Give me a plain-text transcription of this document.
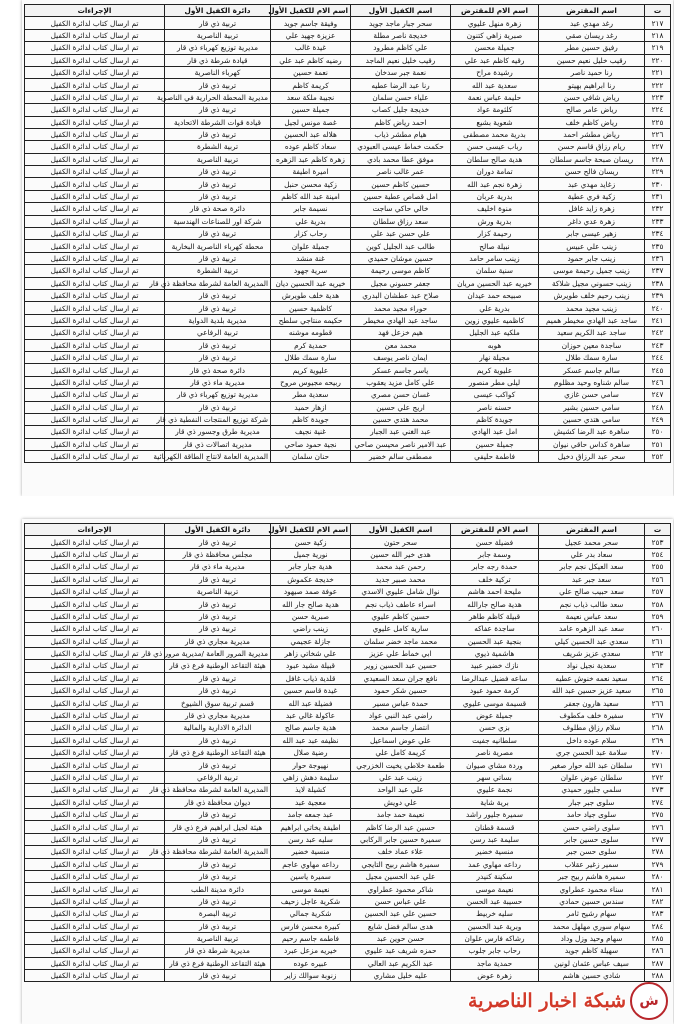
ت	اسم المقترض	اسم الام للمقترض	اسم الكفيل الأول	اسم الام للكفيل الأول	دائرة الكفيل الأول	الإجراءات
٢١٧	رغد مهدي عبد	زهرة منهل عليوي	سحر جبار ماجد جويد	وفيقة جاسم جويد	تربية ذي قار	تم ارسال كتاب لدائرة الكفيل
٢١٨	رغد ريسان صقي	صبرية زاهي كتنون	خديجة ناصر مطلة	عزيزة جهيد علي	تربية الناصرية	تم ارسال كتاب لدائرة الكفيل
٢١٩	رفيق حسين مطر	جميلة محسن	علي كاظم مطرود	غيدة غالب	مديرية توزيع كهرباء ذي قار	تم ارسال كتاب لدائرة الكفيل
٢٢٠	رقيب خليل نعيم حسين	رقيه كاظم عبد علي	رقيب خليل نعيم الماجد	رضيه كاظم عبد علي	قيادة شرطة ذي قار	تم ارسال كتاب لدائرة الكفيل
٢٢١	رنا حميد ناصر	رشيدة مراح	نعمة جبر سدخان	نعمة حسين	كهرباء الناصرية	تم ارسال كتاب لدائرة الكفيل
٢٢٢	رنا ابراهيم بهيتو	سعدية عبد الله	رنا عبد الرضا عطيه	كريمة كاظم	تربية ذي قار	تم ارسال كتاب لدائرة الكفيل
٢٢٣	رياض شافي حسن	حليمة عباس نعمة	علياء حسن سلمان	نجيبة ملكة سعد	مديرية المحطة الحرارية في الناصرية	تم ارسال كتاب لدائرة الكفيل
٢٢٤	رياض عامر صالح	كلثومة عواد	خديجة جليل كصاب	جميلة حسين	تربية ذي قار	تم ارسال كتاب لدائرة الكفيل
٢٢٥	رياض كاظم خلف	شعوية بشيع	احمد رياض كاظم	غصة مونس لجيل	قيادة قوات الشرطة الاتحادية	تم ارسال كتاب لدائرة الكفيل
٢٢٦	رياض مطشر احمد	بدرية محمد مصطفى	هيام مطشر ذياب	هلاله عبد الحسين	تربية ذي قار	تم ارسال كتاب لدائرة الكفيل
٢٢٧	ريام رزاق قاسم حسن	رباب عيسى حسن	حكمت خماط عيسى العبودي	سعاد كاظم عوده	تربية الشطرة	تم ارسال كتاب لدائرة الكفيل
٢٢٨	ريسان صبحة جاسم سلطان	هدية صالح سلطان	موفق عطا محمد بادي	زهرة كاظم عبد الزهره	تربية الناصرية	تم ارسال كتاب لدائرة الكفيل
٢٢٩	ريسان فالح حسن	تمامة دوران	عمر غالب ناصر	اميرة اطيفة	تربية ذي قار	تم ارسال كتاب لدائرة الكفيل
٢٣٠	زغايد مهدي عبد	زهرة نجم عبد الله	حسين كاظم حسين	زكية محسن حنبل	تربية ذي قار	تم ارسال كتاب لدائرة الكفيل
٢٣١	زكية فري عطية	بدرية عربان	امل قصاص عطية حسين	امينة عبد الله كاظم	تربية ذي قار	تم ارسال كتاب لدائرة الكفيل
٢٣٢	زهرة زايد غافل	منوة اخليف	خالي حاكي ساجت	نسيمة جابر	دائرة صحة ذي قار	تم ارسال كتاب لدائرة الكفيل
٢٣٣	زهرة عدي داغر	بدرية ورش	سعد رزاق سلطان	بدرية علي	شركة اور للصناعات الهندسية	تم ارسال كتاب لدائرة الكفيل
٢٣٤	زهير عيسى جابر	رحيمة كزار	علي حسن عبد علي	رحاب كزار	تربية ذي قار	تم ارسال كتاب لدائرة الكفيل
٢٣٥	زينب علي عبيس	نبيلة صالح	طالب عبد الجليل كوين	جميلة علوان	محطة كهرباء الناصرية البخارية	تم ارسال كتاب لدائرة الكفيل
٢٣٦	زينب جابر حمود	زينب سامر حامد	حسين موشان حميدي	غنة منشد	تربية ذي قار	تم ارسال كتاب لدائرة الكفيل
٢٣٧	زينب جميل رحيمة موسى	سنية سلمان	كاظم موسى رحيمة	سرية جهود	تربية الشطرة	تم ارسال كتاب لدائرة الكفيل
٢٣٨	زينب حسوني مجيل شلاكة	خيريه عبد الحسين مريان	جعفر حسوني مجيل	خيريه عبد الحسين ديان	المديرية العامة لشرطة محافظة ذي قار	تم ارسال كتاب لدائرة الكفيل
٢٣٩	زينب رحيم خلف طويرش	صبيحه حمد عيدان	صلاح عبد عطشان البدري	هدية خلف طويرش	تربية ذي قار	تم ارسال كتاب لدائرة الكفيل
٢٤٠	زينب مجيد محمد	بدرية علي	حوراء مجيد محمد	كاظمية حسين	تربية ذي قار	تم ارسال كتاب لدائرة الكفيل
٢٤١	ساجد عبد الهادي مخيطر هميم	كاظميه عليوي زوين	ساجد عبد الهادي مخيطر	حكيمه منتاجي سلطح	مديرية بلدية الدواية	تم ارسال كتاب لدائرة الكفيل
٢٤٢	ساجد عبد الكريم سعيد	ملكيه عبد الجليل	هيم خزعل فهد	قطومه موشنه	تربية الرفاعي	تم ارسال كتاب لدائرة الكفيل
٢٤٣	ساجدة معين حوزان	هوبه	محمد معن	حمدية كرم	تربية ذي قار	تم ارسال كتاب لدائرة الكفيل
٢٤٤	سارة سمك طلال	مجيلة نهار	ايمان ناصر يوسف	سارة سمك طلال	تربية ذي قار	تم ارسال كتاب لدائرة الكفيل
٢٤٥	سالم جاسم عسكر	عليوية كريم	ياسر جاسم عسكر	عليوية كريم	دائرة صحة ذي قار	تم ارسال كتاب لدائرة الكفيل
٢٤٦	سالم شناوه وحيد مظلوم	ليلى مطر منصور	علي كامل مزيد يعقوب	ربيحه مجيوس مروح	مديرية ماء ذي قار	تم ارسال كتاب لدائرة الكفيل
٢٤٧	سامي حسن غازي	كواكب عيسى	غسان حسن مصري	سعدية مطر	مديرية توزيع كهرباء ذي قار	تم ارسال كتاب لدائرة الكفيل
٢٤٨	سامي حسين بشير	حسنه ناصر	اريج علي حسين	ازهار حميد	تربية ذي قار	تم ارسال كتاب لدائرة الكفيل
٢٤٩	سامي هتدي حسين	جويدة كاظم	محمد هتدي حسين	جويدة كاظم	شركة توزيع المنتجات النفطية ذي قار	تم ارسال كتاب لدائرة الكفيل
٢٥٠	ساهرة عبد الرضا كشيش	امل عبد الهادي	عبد الغني عبد الجبار	غنية نجيف	مديرية طرق وجسور ذي قار	تم ارسال كتاب لدائرة الكفيل
٢٥١	ساهرة كداس حاقي نيوان	جميلة حسين	عبد الامير ناصر محيسن صاحي	نجية حمود صاحي	مديرية اتصالات ذي قار	تم ارسال كتاب لدائرة الكفيل
٢٥٢	سحر عبد الرزاق دخيل	فاطمة حليفي	مصطفى سالم خضير	حنان سلمان	المديرية العامة لانتاج الطاقة الكهربائية	تم ارسال كتاب لدائرة الكفيل
ت	اسم المقترض	اسم الام للمقترض	اسم الكفيل الأول	اسم الام للكفيل الأول	دائرة الكفيل الأول	الإجراءات
٢٥٣	سحر محمد عجيل	فضيلة حسن	سحر حتون	زكية حسن	تربية ذي قار	تم ارسال كتاب لدائرة الكفيل
٢٥٤	سعاد بدر علي	وسمة جابر	هدى خير الله حسين	نورية جميل	مجلس محافظة ذي قار	تم ارسال كتاب لدائرة الكفيل
٢٥٥	سعد العيكل نجم جابر	حمدة رجه جابر	رحمن عبد محمد	هدية جبار جابر	مديرية ماء ذي قار	تم ارسال كتاب لدائرة الكفيل
٢٥٦	سعد جبر عبد	تركية خلف	محمد صبير جديد	خديجة عكموش	تربية ذي قار	تم ارسال كتاب لدائرة الكفيل
٢٥٧	سعد حبيب صالح علي	مليحة احمد هاشم	نوال شامل عليوي الاسدي	عوفة صمد صيهود	تربية الناصرية	تم ارسال كتاب لدائرة الكفيل
٢٥٨	سعد طالب ذياب نجم	هدية صالح جارالله	اسراء عاطف ذياب نجم	هدية صالح جار الله	تربية ذي قار	تم ارسال كتاب لدائرة الكفيل
٢٥٩	سعد عباس نعيمة	قبيلة كاظم طاهر	حسين كاظم عليوي	صبرية حسن	تربية ذي قار	تم ارسال كتاب لدائرة الكفيل
٢٦٠	سعد عبد الزهره عامد	ساجدة عفاكه	سارية كامل عليوي	زينب راضي	تربية ذي قار	تم ارسال كتاب لدائرة الكفيل
٢٦١	سعدي عبد الحسين كيلي	بنجية عبد الحسين	محمد ماجد خضر سلمان	جازلة عجيمي	مديرية مجاري ذي قار	تم ارسال كتاب لدائرة الكفيل
٢٦٢	سعدي عزيز شريف	هاشمية ذيوي	ابي خماط علي عزيز	علي شخاتي زاهر	مديرية المرور العامة /مديرية مرور ذي قار	تم ارسال كتاب لدائرة الكفيل
٢٦٣	سعدية نجيل نواد	نازك خضير عبيد	حسين عبد الحسين زوير	قبيلة مشيد عبود	هيئة التقاعد الوطنية فرع ذي قار	تم ارسال كتاب لدائرة الكفيل
٢٦٤	سعيد نعمه خنوش عطيه	ساعه فضيل عبدالرضا	نافع جران سعد السعيدي	قلدية ذياب غافل	تربية ذي قار	تم ارسال كتاب لدائرة الكفيل
٢٦٥	سعيد عزيز حسين عبد الله	كرمة حمود عبود	حسين شكر حمود	غيدة قاسم حسين	تربية ذي قار	تم ارسال كتاب لدائرة الكفيل
٢٦٦	سعيد هارون جعفر	قسيمة موسى عليوي	حمدة عباس مسير	فضيلة عبد الله	قسم تربية سوق الشيوخ	تم ارسال كتاب لدائرة الكفيل
٢٦٧	سفيرة خلف مكطوف	جميلة عوض	راضي عبد النبي عواد	عاكولة غالي عبد	مديرية مجاري ذي قار	تم ارسال كتاب لدائرة الكفيل
٢٦٨	سلام رزاق مطلوف	بزي حسن	انتصار جاسم محمد	هدية جاسم صالح	الدائرة الادارية والمالية	تم ارسال كتاب لدائرة الكفيل
٢٦٩	سلام عوده داخل	سلطانيه جفيت	علي عوض اسماعيل	نظيفه عبد عبد الله	تربية ذي قار	تم ارسال كتاب لدائرة الكفيل
٢٧٠	سلامة عبد الحسن جري	مصرية ناصر	كريمة كامل علي	رضية صلال	هيئة التقاعد الوطنية فرع ذي قار	تم ارسال كتاب لدائرة الكفيل
٢٧١	سلطان عبد الله حوار صغير	وردة مشاي صيوان	طعمة خلاطي يخيت الخزرجي	نهيوجة حوار	تربية ذي قار	تم ارسال كتاب لدائرة الكفيل
٢٧٢	سلطان عوض علوان	بساتي سهر	زينب عبد علي	سليمة دهش زاهي	تربية الرفاعي	تم ارسال كتاب لدائرة الكفيل
٢٧٣	سلمي جليور حميدي	نجمة عليوي	علي عبد الواحد	كشيلة لايذ	المديرية العامة لشرطة محافظة ذي قار	تم ارسال كتاب لدائرة الكفيل
٢٧٤	سلوى جبر جبار	برية شاية	علي دويش	معجية عبد	ديوان محافظة ذي قار	تم ارسال كتاب لدائرة الكفيل
٢٧٥	سلوى جياد حامد	سميرة جليور راشد	نعيمة حمد جامد	عبد جمعه جامد	تربية ذي قار	تم ارسال كتاب لدائرة الكفيل
٢٧٦	سلوى راضي حسن	قسمة قطنان	حسين عبد الرضا كاظم	اطيفة يخاتي ابراهيم	هيئة لجيل ابراهيم فرع ذي قار	تم ارسال كتاب لدائرة الكفيل
٢٧٧	سلوى حسين جابر	سليمة عبد رسن	سميرة حسين جابر الركابي	سليه عبد رسن	تربية ذي قار	تم ارسال كتاب لدائرة الكفيل
٢٧٨	سلوى حسن جبر	منسية خضير	علاء عماد خلف	منسية خضير	المديرية العامة لشرطة محافظة ذي قار	تم ارسال كتاب لدائرة الكفيل
٢٧٩	سمير زغير عقلاب	رداعه مهاوي عمد	سميرة هاشم ربيح التايجي	رداعه مهاوي عاجم	تربية ذي قار	تم ارسال كتاب لدائرة الكفيل
٢٨٠	سميرة هاشم ربيح جبر	سكينة كنيدر	علي عبد الحسين مجيل	سميرة ياسين	تربية ذي قار	تم ارسال كتاب لدائرة الكفيل
٢٨١	سناء محمود عطراوي	نعيمة موسى	شاكر محمود عطراوي	نعيمة موسى	دائرة مدينة الطب	تم ارسال كتاب لدائرة الكفيل
٢٨٢	سندس حسين حمادي	حسيبة عبد الحسن	علي عباس حسن	شكرية عاجل زحيف	تربية ذي قار	تم ارسال كتاب لدائرة الكفيل
٢٨٣	سهام رشيح ثامر	سليه خربيط	حسين علي عبد الحسين	شكرية جمالي	تربية البصرة	تم ارسال كتاب لدائرة الكفيل
٢٨٤	سهام سوري مهلهل محمد	وبرية عبد الحسين	هدى سالم فضل شايع	كبيرة محسن فارس	تربية ذي قار	تم ارسال كتاب لدائرة الكفيل
٢٨٥	سهام وحيد وزل وداد	رشاكه فارس علوان	حسن حوين عبد	فاطمه جاسم رحيم	تربية الناصرية	تم ارسال كتاب لدائرة الكفيل
٢٨٦	سهيلة كاظم جويد	رحاب جابر جلوب	حمزه شريف عبد عليوي	خيريه مزعل عبرد	مديرية شرطة ذي قار	تم ارسال كتاب لدائرة الكفيل
٢٨٧	سيف عباس عثمان لونين	حمدية ماجد	عبد الكريم عبد العالي	عبيره عوده	هيئة التقاعد الوطنية فرع ذي قار	تم ارسال كتاب لدائرة الكفيل
٢٨٨	شادي حسين هاشم	زهرة عوض	عليه خليل مشاري	زنوبة سوالك زاير	تربية ذي قار	تم ارسال كتاب لدائرة الكفيل
ش
شبكة اخبار الناصرية
